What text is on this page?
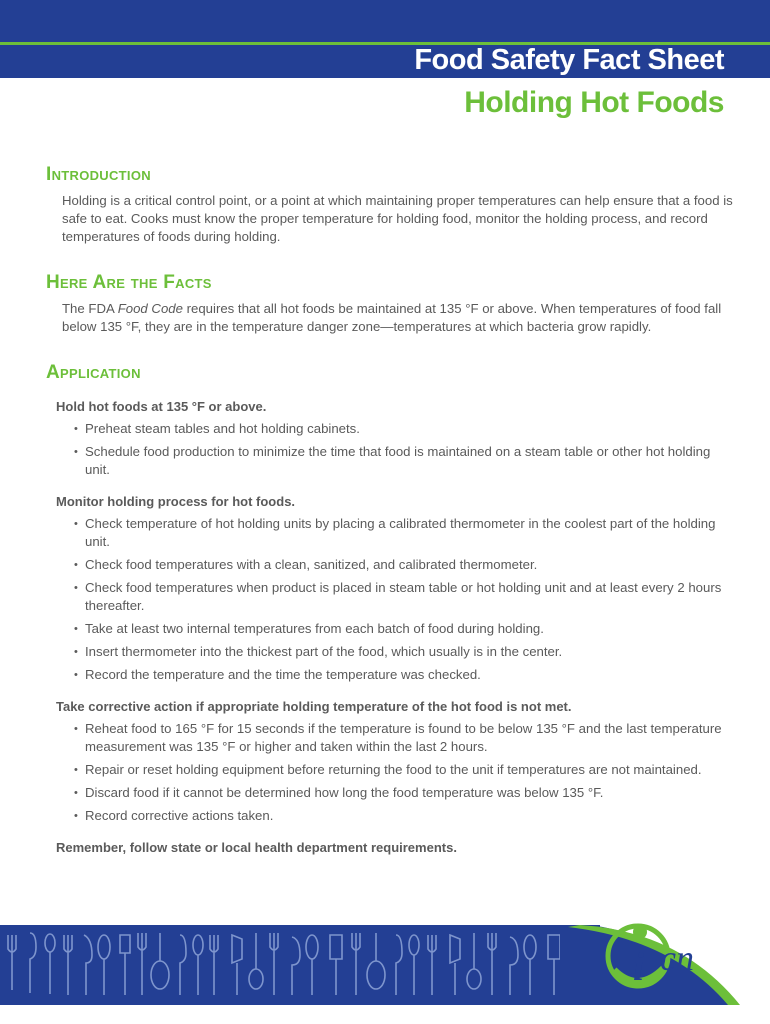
Food Safety Fact Sheet
Holding Hot Foods
Introduction

Holding is a critical control point, or a point at which maintaining proper temperatures can help ensure that a food is safe to eat. Cooks must know the proper temperature for holding food, monitor the holding process, and record temperatures of foods during holding.

Here Are the Facts

The FDA Food Code requires that all hot foods be maintained at 135 °F or above. When temperatures of food fall below 135 °F, they are in the temperature danger zone—temperatures at which bacteria grow rapidly.

Application
Hold hot foods at 135 °F or above.
• Preheat steam tables and hot holding cabinets.
• Schedule food production to minimize the time that food is maintained on a steam table or other hot holding unit.
Monitor holding process for hot foods.
• Check temperature of hot holding units by placing a calibrated thermometer in the coolest part of the holding unit.
• Check food temperatures with a clean, sanitized, and calibrated thermometer.
• Check food temperatures when product is placed in steam table or hot holding unit and at least every 2 hours thereafter.
• Take at least two internal temperatures from each batch of food during holding.
• Insert thermometer into the thickest part of the food, which usually is in the center.
• Record the temperature and the time the temperature was checked.
Take corrective action if appropriate holding temperature of the hot food is not met.
• Reheat food to 165 °F for 15 seconds if the temperature is found to be below 135 °F and the last temperature measurement was 135 °F or higher and taken within the last 2 hours.
• Repair or reset holding equipment before returning the food to the unit if temperatures are not maintained.
• Discard food if it cannot be determined how long the food temperature was below 135 °F.
• Record corrective actions taken.
Remember, follow state or local health department requirements.
i cn
